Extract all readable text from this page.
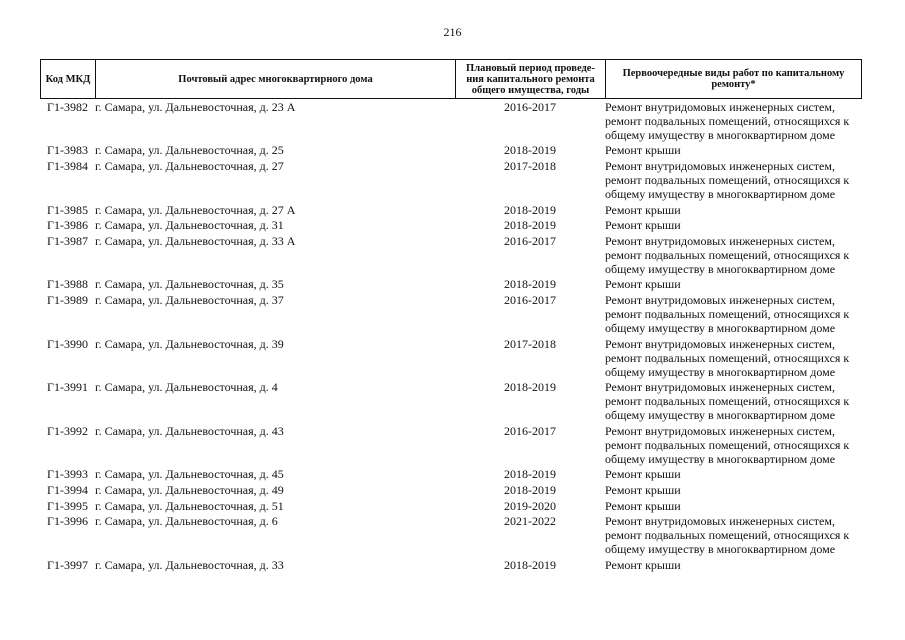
216
Код МКД	Почтовый адрес многоквартирного дома	Плановый период проведе-
ния капитального ремонта
общего имущества, годы	Первоочередные виды работ по капитальному
ремонту*
Г1-3982	г. Самара, ул. Дальневосточная, д. 23 А	2016-2017	Ремонт внутридомовых инженерных систем,
ремонт подвальных помещений, относящихся к
общему имуществу в многоквартирном доме
Г1-3983	г. Самара, ул. Дальневосточная, д. 25	2018-2019	Ремонт крыши
Г1-3984	г. Самара, ул. Дальневосточная, д. 27	2017-2018	Ремонт внутридомовых инженерных систем,
ремонт подвальных помещений, относящихся к
общему имуществу в многоквартирном доме
Г1-3985	г. Самара, ул. Дальневосточная, д. 27 А	2018-2019	Ремонт крыши
Г1-3986	г. Самара, ул. Дальневосточная, д. 31	2018-2019	Ремонт крыши
Г1-3987	г. Самара, ул. Дальневосточная, д. 33 А	2016-2017	Ремонт внутридомовых инженерных систем,
ремонт подвальных помещений, относящихся к
общему имуществу в многоквартирном доме
Г1-3988	г. Самара, ул. Дальневосточная, д. 35	2018-2019	Ремонт крыши
Г1-3989	г. Самара, ул. Дальневосточная, д. 37	2016-2017	Ремонт внутридомовых инженерных систем,
ремонт подвальных помещений, относящихся к
общему имуществу в многоквартирном доме
Г1-3990	г. Самара, ул. Дальневосточная, д. 39	2017-2018	Ремонт внутридомовых инженерных систем,
ремонт подвальных помещений, относящихся к
общему имуществу в многоквартирном доме
Г1-3991	г. Самара, ул. Дальневосточная, д. 4	2018-2019	Ремонт внутридомовых инженерных систем,
ремонт подвальных помещений, относящихся к
общему имуществу в многоквартирном доме
Г1-3992	г. Самара, ул. Дальневосточная, д. 43	2016-2017	Ремонт внутридомовых инженерных систем,
ремонт подвальных помещений, относящихся к
общему имуществу в многоквартирном доме
Г1-3993	г. Самара, ул. Дальневосточная, д. 45	2018-2019	Ремонт крыши
Г1-3994	г. Самара, ул. Дальневосточная, д. 49	2018-2019	Ремонт крыши
Г1-3995	г. Самара, ул. Дальневосточная, д. 51	2019-2020	Ремонт крыши
Г1-3996	г. Самара, ул. Дальневосточная, д. 6	2021-2022	Ремонт внутридомовых инженерных систем,
ремонт подвальных помещений, относящихся к
общему имуществу в многоквартирном доме
Г1-3997	г. Самара, ул. Дальневосточная, д. 33	2018-2019	Ремонт крыши
